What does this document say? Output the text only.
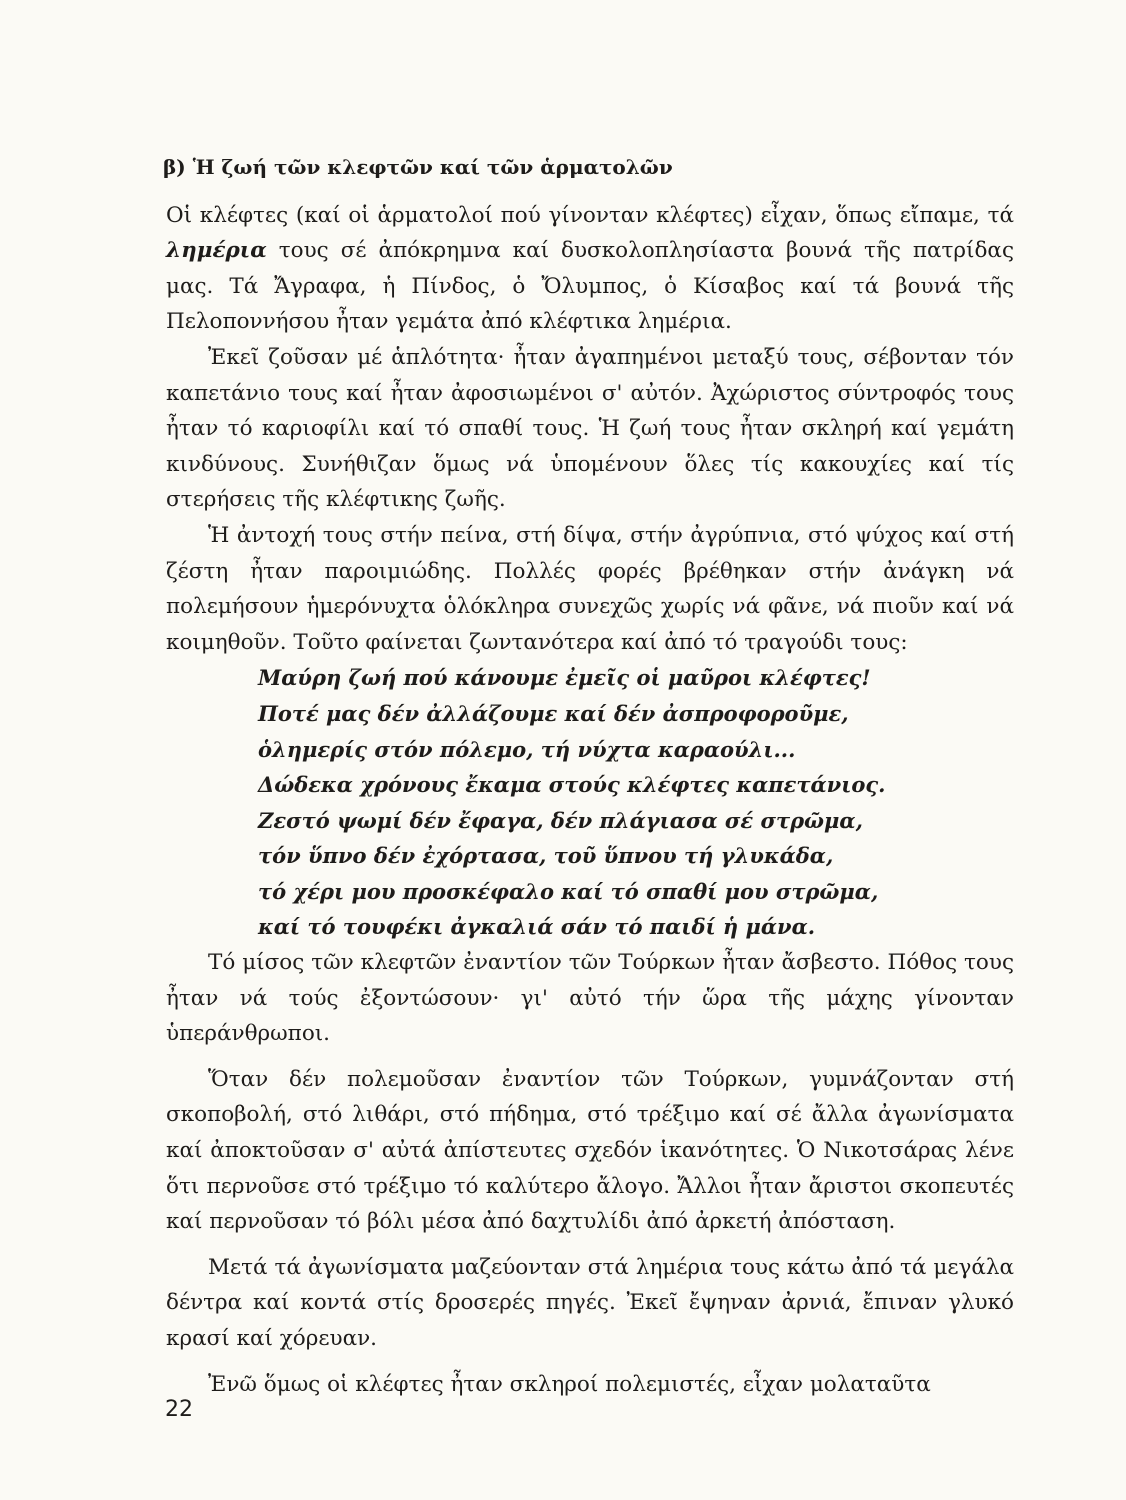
β) Ἡ ζωή τῶν κλεφτῶν καί τῶν ἁρματολῶν

Οἱ κλέφτες (καί οἱ ἁρματολοί πού γίνονταν κλέφτες) εἶχαν, ὅπως εἴπαμε, τά λημέρια τους σέ ἀπόκρημνα καί δυσκολοπλησίαστα βουνά τῆς πατρίδας μας. Τά Ἄγραφα, ἡ Πίνδος, ὁ Ὄλυμπος, ὁ Κίσαβος καί τά βουνά τῆς Πελοποννήσου ἦταν γεμάτα ἀπό κλέφτικα λημέρια.

Ἐκεῖ ζοῦσαν μέ ἁπλότητα· ἦταν ἀγαπημένοι μεταξύ τους, σέβονταν τόν καπετάνιο τους καί ἦταν ἀφοσιωμένοι σ' αὐτόν. Ἀχώριστος σύντροφός τους ἦταν τό καριοφίλι καί τό σπαθί τους. Ἡ ζωή τους ἦταν σκληρή καί γεμάτη κινδύνους. Συνήθιζαν ὅμως νά ὑπομένουν ὅλες τίς κακουχίες καί τίς στερήσεις τῆς κλέφτικης ζωῆς.

Ἡ ἀντοχή τους στήν πείνα, στή δίψα, στήν ἀγρύπνια, στό ψύχος καί στή ζέστη ἦταν παροιμιώδης. Πολλές φορές βρέθηκαν στήν ἀνάγκη νά πολεμήσουν ἡμερόνυχτα ὁλόκληρα συνεχῶς χωρίς νά φᾶνε, νά πιοῦν καί νά κοιμηθοῦν. Τοῦτο φαίνεται ζωντανότερα καί ἀπό τό τραγούδι τους:

Μαύρη ζωή πού κάνουμε ἐμεῖς οἱ μαῦροι κλέφτες!
Ποτέ μας δέν ἀλλάζουμε καί δέν ἀσπροφοροῦμε,
ὁλημερίς στόν πόλεμο, τή νύχτα καραούλι...
Δώδεκα χρόνους ἔκαμα στούς κλέφτες καπετάνιος.
Ζεστό ψωμί δέν ἔφαγα, δέν πλάγιασα σέ στρῶμα,
τόν ὕπνο δέν ἐχόρτασα, τοῦ ὕπνου τή γλυκάδα,
τό χέρι μου προσκέφαλο καί τό σπαθί μου στρῶμα,
καί τό τουφέκι ἀγκαλιά σάν τό παιδί ἡ μάνα.

Τό μίσος τῶν κλεφτῶν ἐναντίον τῶν Τούρκων ἦταν ἄσβεστο. Πόθος τους ἦταν νά τούς ἐξοντώσουν· γι' αὐτό τήν ὥρα τῆς μάχης γίνονταν ὑπεράνθρωποι.

Ὅταν δέν πολεμοῦσαν ἐναντίον τῶν Τούρκων, γυμνάζονταν στή σκοποβολή, στό λιθάρι, στό πήδημα, στό τρέξιμο καί σέ ἄλλα ἀγωνίσματα καί ἀποκτοῦσαν σ' αὐτά ἀπίστευτες σχεδόν ἱκανότητες. Ὁ Νικοτσάρας λένε ὅτι περνοῦσε στό τρέξιμο τό καλύτερο ἄλογο. Ἄλλοι ἦταν ἄριστοι σκοπευτές καί περνοῦσαν τό βόλι μέσα ἀπό δαχτυλίδι ἀπό ἀρκετή ἀπόσταση.

Μετά τά ἀγωνίσματα μαζεύονταν στά λημέρια τους κάτω ἀπό τά μεγάλα δέντρα καί κοντά στίς δροσερές πηγές. Ἐκεῖ ἔψηναν ἀρνιά, ἔπιναν γλυκό κρασί καί χόρευαν.

Ἐνῶ ὅμως οἱ κλέφτες ἦταν σκληροί πολεμιστές, εἶχαν μολαταῦτα

22
